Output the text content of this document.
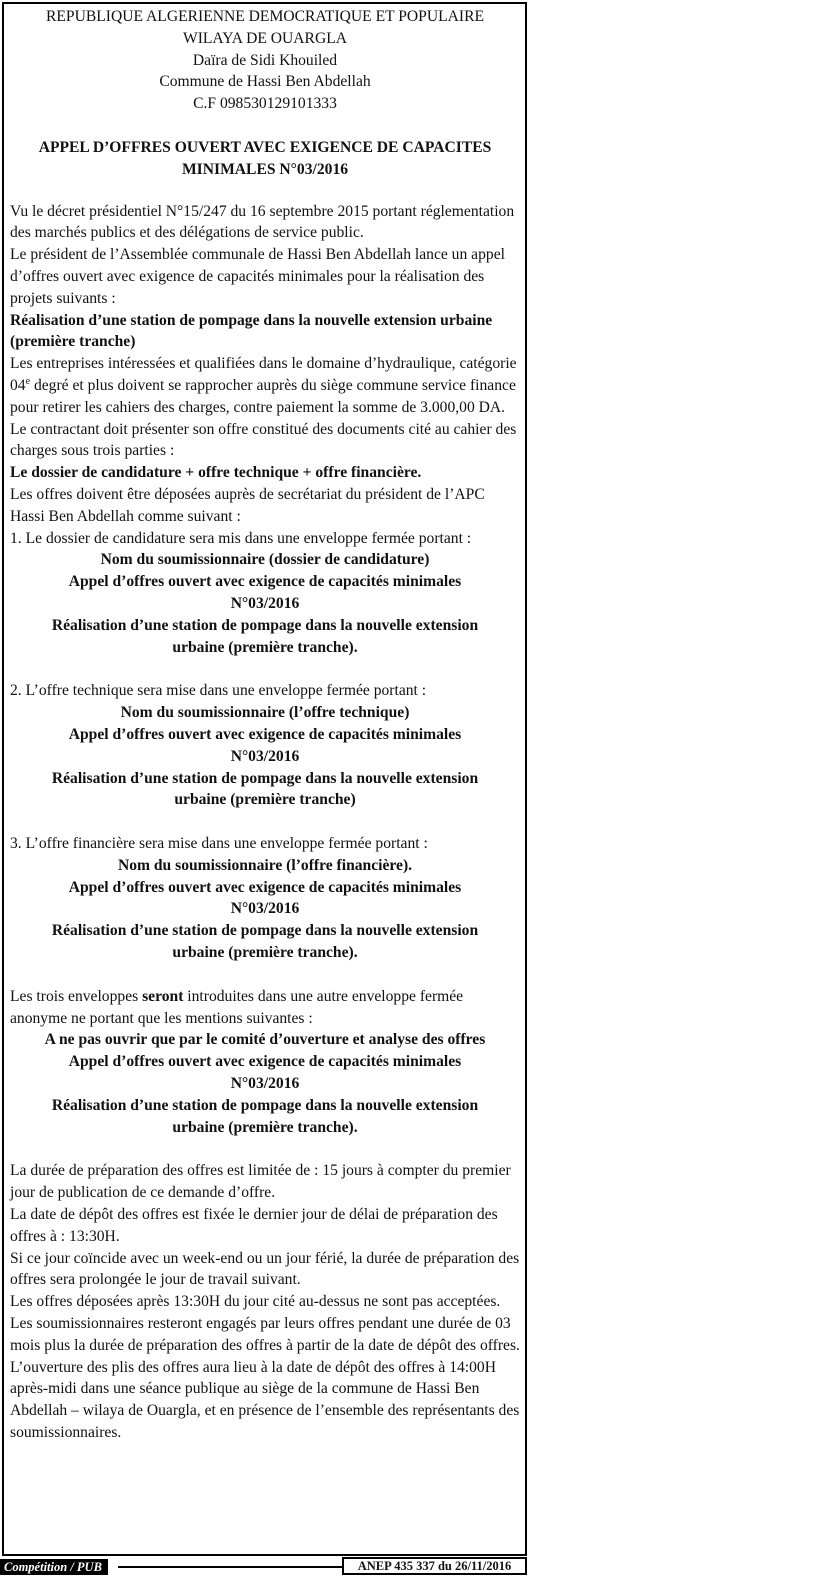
REPUBLIQUE ALGERIENNE DEMOCRATIQUE ET POPULAIRE
WILAYA DE OUARGLA
Daïra de Sidi Khouiled
Commune de Hassi Ben Abdellah
C.F 098530129101333
APPEL D’OFFRES OUVERT AVEC EXIGENCE DE CAPACITES MINIMALES N°03/2016

Vu le décret présidentiel N°15/247 du 16 septembre 2015 portant réglementation des marchés publics et des délégations de service public.

Le président de l’Assemblée communale de Hassi Ben Abdellah lance un appel d’offres ouvert avec exigence de capacités minimales pour la réalisation des projets suivants :

Réalisation d’une station de pompage dans la nouvelle extension urbaine (première tranche)

Les entreprises intéressées et qualifiées dans le domaine d’hydraulique, catégorie 04e degré et plus doivent se rapprocher auprès du siège commune service finance pour retirer les cahiers des charges, contre paiement la somme de 3.000,00 DA.

Le contractant doit présenter son offre constitué des documents cité au cahier des charges sous trois parties :

Le dossier de candidature + offre technique + offre financière.

Les offres doivent être déposées auprès de secrétariat du président de l’APC Hassi Ben Abdellah comme suivant :

1. Le dossier de candidature sera mis dans une enveloppe fermée portant :

Nom du soumissionnaire (dossier de candidature)
Appel d’offres ouvert avec exigence de capacités minimales
N°03/2016
Réalisation d’une station de pompage dans la nouvelle extension
urbaine (première tranche).

2. L’offre technique sera mise dans une enveloppe fermée portant :

Nom du soumissionnaire (l’offre technique)
Appel d’offres ouvert avec exigence de capacités minimales
N°03/2016
Réalisation d’une station de pompage dans la nouvelle extension
urbaine (première tranche)

3. L’offre financière sera mise dans une enveloppe fermée portant :

Nom du soumissionnaire (l’offre financière).
Appel d’offres ouvert avec exigence de capacités minimales
N°03/2016
Réalisation d’une station de pompage dans la nouvelle extension
urbaine (première tranche).

Les trois enveloppes seront introduites dans une autre enveloppe fermée anonyme ne portant que les mentions suivantes :

A ne pas ouvrir que par le comité d’ouverture et analyse des offres
Appel d’offres ouvert avec exigence de capacités minimales
N°03/2016
Réalisation d’une station de pompage dans la nouvelle extension
urbaine (première tranche).

La durée de préparation des offres est limitée de : 15 jours à compter du premier jour de publication de ce demande d’offre.

La date de dépôt des offres est fixée le dernier jour de délai de préparation des offres à : 13:30H.

Si ce jour coïncide avec un week-end ou un jour férié, la durée de préparation des offres sera prolongée le jour de travail suivant.

Les offres déposées après 13:30H du jour cité au-dessus ne sont pas acceptées.

Les soumissionnaires resteront engagés par leurs offres pendant une durée de 03 mois plus la durée de préparation des offres à partir de la date de dépôt des offres.

L’ouverture des plis des offres aura lieu à la date de dépôt des offres à 14:00H après-midi dans une séance publique au siège de la commune de Hassi Ben Abdellah – wilaya de Ouargla, et en présence de l’ensemble des représentants des soumissionnaires.

Compétition / PUB	ANEP 435 337 du 26/11/2016
